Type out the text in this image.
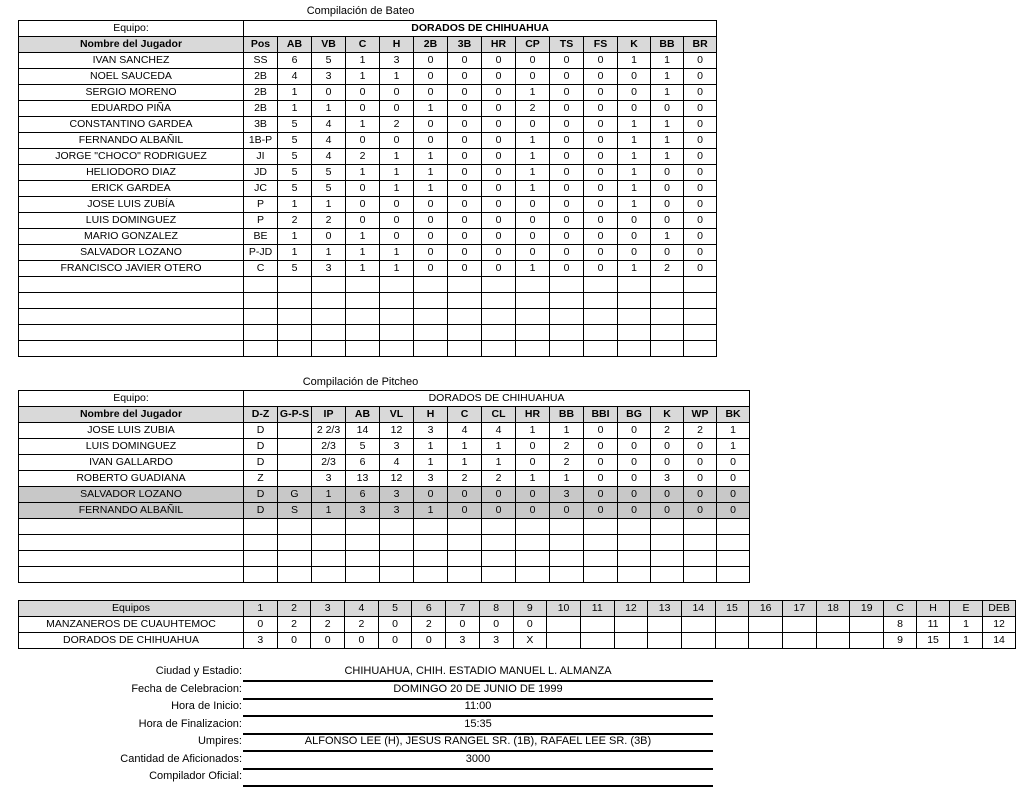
Compilación de Bateo
Equipo:	DORADOS DE CHIHUAHUA													
Nombre del Jugador	Pos	AB	VB	C	H	2B	3B	HR	CP	TS	FS	K	BB	BR
IVAN SANCHEZ	SS	6	5	1	3	0	0	0	0	0	0	1	1	0
NOEL SAUCEDA	2B	4	3	1	1	0	0	0	0	0	0	0	1	0
SERGIO MORENO	2B	1	0	0	0	0	0	0	1	0	0	0	1	0
EDUARDO PIÑA	2B	1	1	0	0	1	0	0	2	0	0	0	0	0
CONSTANTINO GARDEA	3B	5	4	1	2	0	0	0	0	0	0	1	1	0
FERNANDO ALBAÑIL	1B-P	5	4	0	0	0	0	0	1	0	0	1	1	0
JORGE "CHOCO" RODRIGUEZ	JI	5	4	2	1	1	0	0	1	0	0	1	1	0
HELIODORO DIAZ	JD	5	5	1	1	1	0	0	1	0	0	1	0	0
ERICK GARDEA	JC	5	5	0	1	1	0	0	1	0	0	1	0	0
JOSE LUIS ZUBÍA	P	1	1	0	0	0	0	0	0	0	0	1	0	0
LUIS DOMINGUEZ	P	2	2	0	0	0	0	0	0	0	0	0	0	0
MARIO GONZALEZ	BE	1	0	1	0	0	0	0	0	0	0	0	1	0
SALVADOR LOZANO	P-JD	1	1	1	1	0	0	0	0	0	0	0	0	0
FRANCISCO JAVIER OTERO	C	5	3	1	1	0	0	0	1	0	0	1	2	0

Compilación de Pitcheo
Equipo:	DORADOS DE CHIHUAHUA														
Nombre del Jugador	D-Z	G-P-S	IP	AB	VL	H	C	CL	HR	BB	BBI	BG	K	WP	BK
JOSE LUIS ZUBIA	D		2 2/3	14	12	3	4	4	1	1	0	0	2	2	1
LUIS DOMINGUEZ	D		2/3	5	3	1	1	1	0	2	0	0	0	0	1
IVAN GALLARDO	D		2/3	6	4	1	1	1	0	2	0	0	0	0	0
ROBERTO GUADIANA	Z		3	13	12	3	2	2	1	1	0	0	3	0	0
SALVADOR LOZANO	D	G	1	6	3	0	0	0	0	3	0	0	0	0	0
FERNANDO ALBAÑIL	D	S	1	3	3	1	0	0	0	0	0	0	0	0	0

Equipos	1	2	3	4	5	6	7	8	9	10	11	12	13	14	15	16	17	18	19	C	H	E	DEB
MANZANEROS DE CUAUHTEMOC	0	2	2	2	0	2	0	0	0											8	11	1	12
DORADOS DE CHIHUAHUA	3	0	0	0	0	0	3	3	X											9	15	1	14
Ciudad y Estadio:	CHIHUAHUA, CHIH. ESTADIO MANUEL L. ALMANZA
Fecha de Celebracion:	DOMINGO 20 DE JUNIO DE 1999
Hora de Inicio:	11:00
Hora de Finalizacion:	15:35
Umpires:	ALFONSO LEE (H), JESUS RANGEL SR. (1B), RAFAEL LEE SR. (3B)
Cantidad de Aficionados:	3000
Compilador Oficial:
